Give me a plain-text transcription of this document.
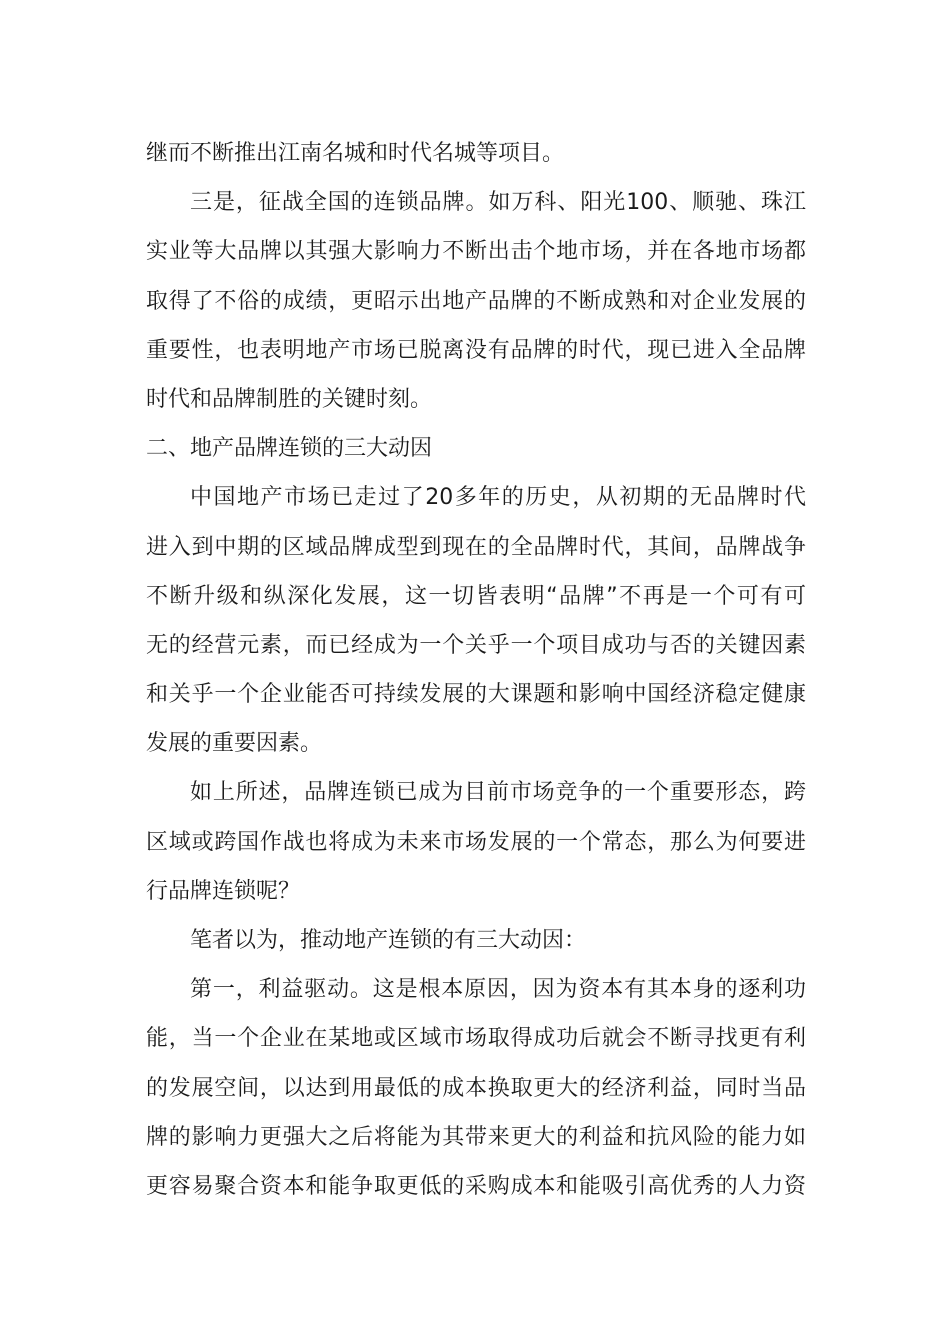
继而不断推出江南名城和时代名城等项目。
三是，征战全国的连锁品牌。如万科、阳光100、顺驰、珠江
实业等大品牌以其强大影响力不断出击个地市场，并在各地市场都
取得了不俗的成绩，更昭示出地产品牌的不断成熟和对企业发展的
重要性，也表明地产市场已脱离没有品牌的时代，现已进入全品牌
时代和品牌制胜的关键时刻。
二、地产品牌连锁的三大动因
中国地产市场已走过了20多年的历史，从初期的无品牌时代
进入到中期的区域品牌成型到现在的全品牌时代，其间，品牌战争
不断升级和纵深化发展，这一切皆表明“品牌”不再是一个可有可
无的经营元素，而已经成为一个关乎一个项目成功与否的关键因素
和关乎一个企业能否可持续发展的大课题和影响中国经济稳定健康
发展的重要因素。
如上所述，品牌连锁已成为目前市场竞争的一个重要形态，跨
区域或跨国作战也将成为未来市场发展的一个常态，那么为何要进
行品牌连锁呢？
笔者以为，推动地产连锁的有三大动因：
第一，利益驱动。这是根本原因，因为资本有其本身的逐利功
能，当一个企业在某地或区域市场取得成功后就会不断寻找更有利
的发展空间，以达到用最低的成本换取更大的经济利益，同时当品
牌的影响力更强大之后将能为其带来更大的利益和抗风险的能力如
更容易聚合资本和能争取更低的采购成本和能吸引高优秀的人力资
